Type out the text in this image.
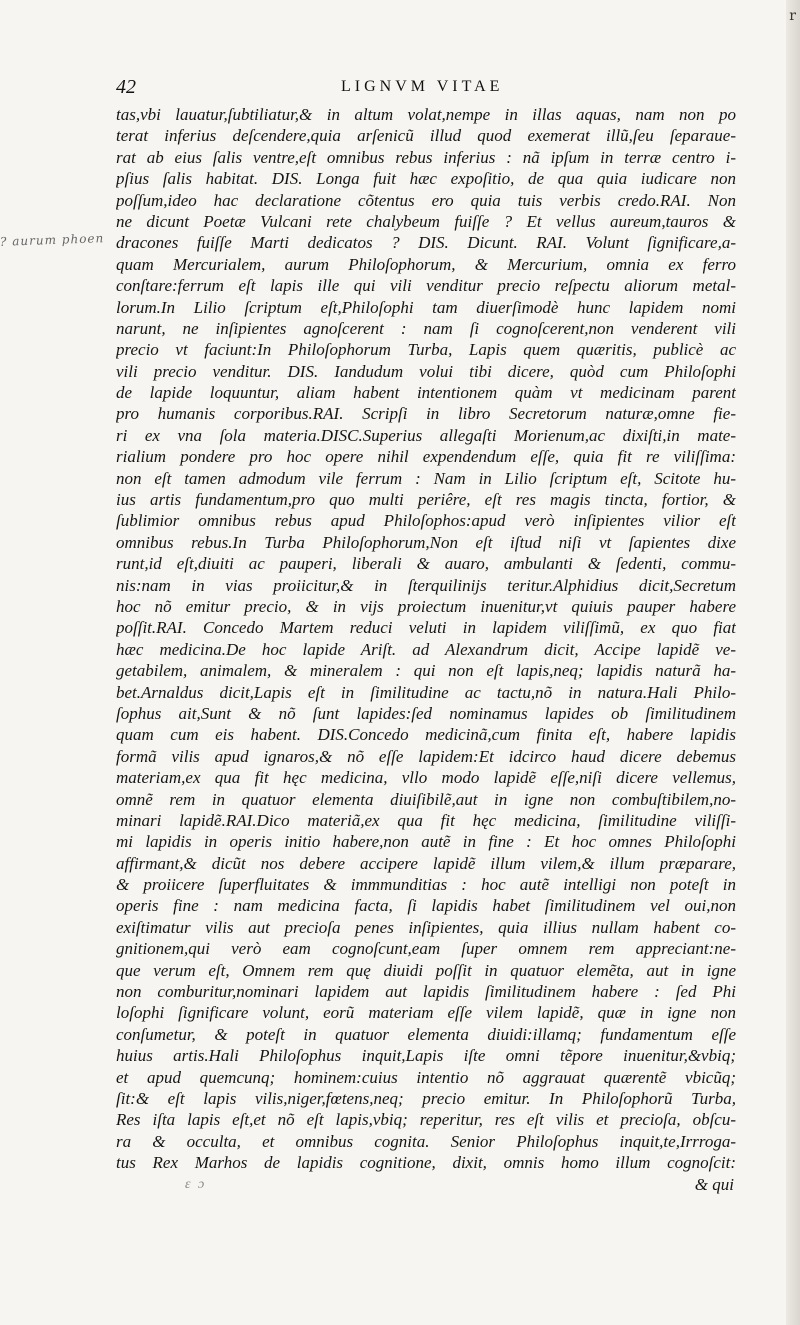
r
42	LIGNVM VITAE
? aurum phoen
tas,vbi lauatur,ſubtiliatur,& in altum volat,nempe in illas aquas, nam non po
terat inferius deſcendere,quia arſenicũ illud quod exemerat illũ,ſeu ſeparaue-
rat ab eius ſalis ventre,eſt omnibus rebus inferius : nã ipſum in terræ centro i-
pſius ſalis habitat. DIS. Longa fuit hæc expoſitio, de qua quia iudicare non
poſſum,ideo hac declaratione cõtentus ero quia tuis verbis credo.RAI. Non
ne dicunt Poetæ Vulcani rete chalybeum fuiſſe ? Et vellus aureum,tauros &
dracones fuiſſe Marti dedicatos ? DIS. Dicunt. RAI. Volunt ſignificare,a-
quam Mercurialem, aurum Philoſophorum, & Mercurium, omnia ex ferro
conſtare:ferrum eſt lapis ille qui vili venditur precio reſpectu aliorum metal-
lorum.In Lilio ſcriptum eſt,Philoſophi tam diuerſimodè hunc lapidem nomi
narunt, ne inſipientes agnoſcerent : nam ſi cognoſcerent,non venderent vili
precio vt faciunt:In Philoſophorum Turba, Lapis quem quæritis, publicè ac
vili precio venditur. DIS. Iandudum volui tibi dicere, quòd cum Philoſophi
de lapide loquuntur, aliam habent intentionem quàm vt medicinam parent
pro humanis corporibus.RAI. Scripſi in libro Secretorum naturæ,omne fie-
ri ex vna ſola materia.DISC.Superius allegaſti Morienum,ac dixiſti,in mate-
rialium pondere pro hoc opere nihil expendendum eſſe, quia fit re viliſſima:
non eſt tamen admodum vile ferrum : Nam in Lilio ſcriptum eſt, Scitote hu-
ius artis fundamentum,pro quo multi periêre, eſt res magis tincta, fortior, &
ſublimior omnibus rebus apud Philoſophos:apud verò inſipientes vilior eſt
omnibus rebus.In Turba Philoſophorum,Non eſt iſtud niſi vt ſapientes dixe
runt,id eſt,diuiti ac pauperi, liberali & auaro, ambulanti & ſedenti, commu-
nis:nam in vias proiicitur,& in ſterquilinijs teritur.Alphidius dicit,Secretum
hoc nõ emitur precio, & in vijs proiectum inuenitur,vt quiuis pauper habere
poſſit.RAI. Concedo Martem reduci veluti in lapidem viliſſimũ, ex quo fiat
hæc medicina.De hoc lapide Ariſt. ad Alexandrum dicit, Accipe lapidẽ ve-
getabilem, animalem, & mineralem : qui non eſt lapis,neq; lapidis naturã ha-
bet.Arnaldus dicit,Lapis eſt in ſimilitudine ac tactu,nõ in natura.Hali Philo-
ſophus ait,Sunt & nõ ſunt lapides:ſed nominamus lapides ob ſimilitudinem
quam cum eis habent. DIS.Concedo medicinã,cum finita eſt, habere lapidis
formã vilis apud ignaros,& nõ eſſe lapidem:Et idcirco haud dicere debemus
materiam,ex qua fit hęc medicina, vllo modo lapidẽ eſſe,niſi dicere vellemus,
omnẽ rem in quatuor elementa diuiſibilẽ,aut in igne non combuſtibilem,no-
minari lapidẽ.RAI.Dico materiã,ex qua fit hęc medicina, ſimilitudine viliſſi-
mi lapidis in operis initio habere,non autẽ in fine : Et hoc omnes Philoſophi
affirmant,& dicũt nos debere accipere lapidẽ illum vilem,& illum præparare,
& proiicere ſuperfluitates & immmunditias : hoc autẽ intelligi non poteſt in
operis fine : nam medicina facta, ſi lapidis habet ſimilitudinem vel oui,non
exiſtimatur vilis aut precioſa penes inſipientes, quia illius nullam habent co-
gnitionem,qui verò eam cognoſcunt,eam ſuper omnem rem appreciant:ne-
que verum eſt, Omnem rem quę diuidi poſſit in quatuor elemẽta, aut in igne
non comburitur,nominari lapidem aut lapidis ſimilitudinem habere : ſed Phi
loſophi ſignificare volunt, eorũ materiam eſſe vilem lapidẽ, quæ in igne non
conſumetur, & poteſt in quatuor elementa diuidi:illamq; fundamentum eſſe
huius artis.Hali Philoſophus inquit,Lapis iſte omni tẽpore inuenitur,&vbiq;
et apud quemcunq; hominem:cuius intentio nõ aggrauat quærentẽ vbicũq;
ſit:& eſt lapis vilis,niger,fœtens,neq; precio emitur. In Philoſophorũ Turba,
Res iſta lapis eſt,et nõ eſt lapis,vbiq; reperitur, res eſt vilis et precioſa, obſcu-
ra & occulta, et omnibus cognita. Senior Philoſophus inquit,te,Irrroga-
tus Rex Marhos de lapidis cognitione, dixit, omnis homo illum cognoſcit:
ɛ ɔ	& qui
